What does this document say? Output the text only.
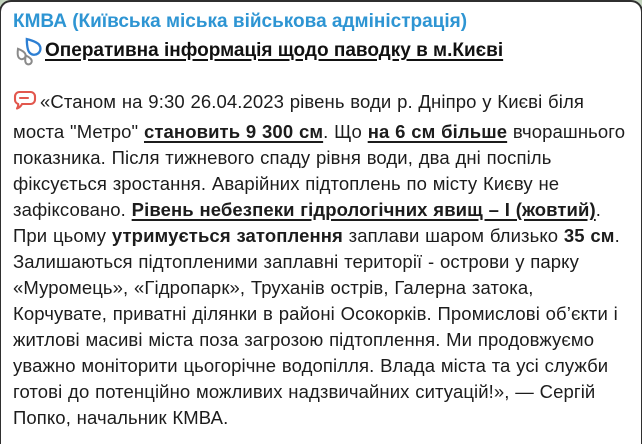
КМВА (Київська міська військова адміністрація)
Оперативна інформація щодо паводку в м.Києві
«Станом на 9:30 26.04.2023 рівень води р. Дніпро у Києві біля моста "Метро" становить 9 300 см. Що на 6 см більше вчорашнього показника. Після тижневого спаду рівня води, два дні поспіль фіксується зростання. Аварійних підтоплень по місту Києву не зафіксовано. Рівень небезпеки гідрологічних явищ – І (жовтий). При цьому утримується затоплення заплави шаром близько 35 см. Залишаються підтопленими заплавні території - острови у парку «Муромець», «Гідропарк», Труханів острів, Галерна затока, Корчувате, приватні ділянки в районі Осокорків. Промислові об’єкти і житлові масиві міста поза загрозою підтоплення. Ми продовжуємо уважно моніторити цьогорічне водопілля. Влада міста та усі служби готові до потенційно можливих надзвичайних ситуацій!», — Сергій Попко, начальник КМВА.
